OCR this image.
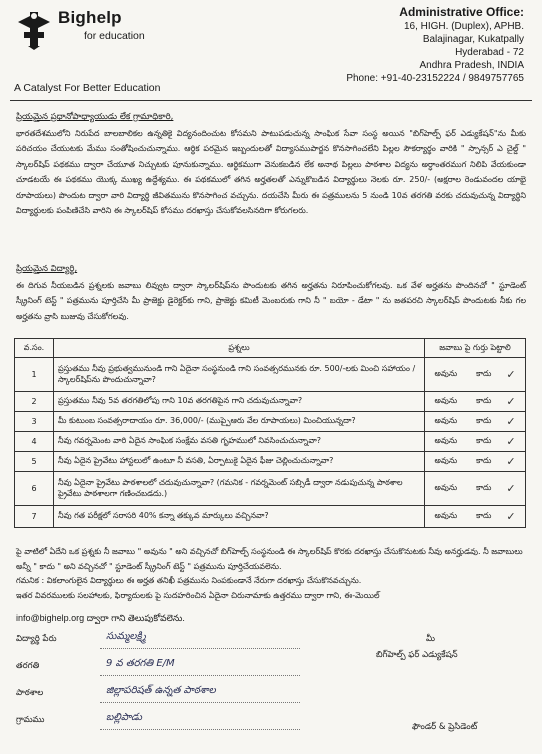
Bighelp
for education
A Catalyst For Better Education
Administrative Office:
16, HIGH. (Duplex), APHB.
Balajinagar, Kukatpally
Hyderabad - 72
Andhra Pradesh, INDIA
Phone: +91-40-23152224 / 9849757765
ప్రియమైన ప్రధానోపాధ్యాయుడు లేక గ్రామాధికారి,
భారతదేశములోని నిరుపేద బాలబాలికల ఉన్నతికై విద్యనందించుట కోసమని పాటుపడుచున్న సాంఘిక సేవా సంస్థ అయిన "బిగ్‌హెల్ప్ ఫర్ ఎడ్యుకేషన్"ను మీకు పరిచయం చేయుటకు మేము సంతోషించుచున్నాము. ఆర్థిక పరమైన ఇబ్బందులతో విద్యాసముపార్జన కొనసాగించలేని పిల్లల సౌకర్యార్థం వారికి " స్పాన్సర్ ఎ చైల్డ్ " స్కాలర్‌షిప్ పథకము ద్వారా చేయూత నిచ్చుటకు పూనుకున్నాము. ఆర్థికముగా వెనుకబడిన లేక అనాథ పిల్లలు పాఠశాల విద్యను అర్ధాంతరముగ నిలిపి వేయకుండా చూడటయే ఈ పథకము యొక్క ముఖ్య ఉద్దేశ్యము. ఈ పథకములో తగిన అర్హతలతో ఎన్నుకొబడిన విద్యార్థులు నెలకు రూ. 250/- (అక్షరాల రెండువందల యాభై రూపాయలు) పొందుట ద్వారా వారి విద్యార్థి జీవితమును కొనసాగించ వచ్చును. దయచేసి మీరు ఈ పత్రములను 5 నుండి 10వ తరగతి వరకు చదువుచున్న విద్యార్థిని విద్యార్థులకు పంపిణిచేసి వారిని ఈ స్కాలర్‌షిప్ కోసము దరఖాస్తు చేసుకోవలసినదిగా కోరుగలరు.
ప్రియమైన విద్యార్థి,
ఈ దిగువ నీయబడిన ప్రశ్నలకు జవాబు లివ్వుట ద్వారా స్కాలర్‌షిప్‌ను పొందుటకు తగిన అర్హతను నిరూపించుకోగలవు. ఒక వేళ అర్హతను పొందినచో " స్టూడెంట్ స్క్రీనింగ్ టెస్ట్ " పత్రమును పూర్తిచేసి మీ ప్రాజెక్టు డైరెక్టర్‌కు గాని, ప్రాజెక్టు కమిటీ మెంబరుకు గాని నీ " బయో - డేటా " ను జతపరచి స్కాలర్‌షిప్ పొందుటకు నీకు గల అర్హతను వ్రాసి బుజువు చేసుకోగలవు.
వ.సం.	ప్రశ్నలు	జవాబు పై గుర్తు పెట్టాలి
1	ప్రస్తుతము నీవు ప్రభుత్వమునుండి గాని ఏదైనా సంస్థనుండి గాని సంవత్సరమునకు రూ. 500/-లకు మించి సహాయం / స్కాలర్‌షిప్‌ను పొందుచున్నావా?	అవును కాదు ✓

2	ప్రస్తుతము నీవు 5వ తరగతిలోపు గాని 10వ తరగతిపైన గాని చదువుచున్నావా?	అవును కాదు ✓

3	మీ కుటుంబ సంవత్సరాదాయం రూ. 36,000/- (ముప్పైఆరు వేల రూపాయలు) మించియున్నదా?	అవును కాదు ✓

4	నీవు గవర్నమెంట వారి ఏదైన సాంఘిక సంక్షేమ వసతి గృహములో నివసించుచున్నావా?	అవును కాదు ✓

5	నీవు ఏదైన ప్రైవేటు హాస్టలులో ఉంటూ నీ వసతి, ఏర్పాటుకై ఏదైన ఫీజు చెల్లించుచున్నావా?	అవును కాదు ✓

6	నీవు ఏదైనా ప్రైవేటు పాఠశాలలో చదువుచున్నావా? (గమనిక - గవర్నమెంట్ సబ్సిడీ ద్వారా నడుపుచున్న పాఠశాల ప్రైవేటు పాఠశాలగా గణించబడదు.)	అవును కాదు ✓

7	నీవు గత పరీక్షలో సరాసరి 40% కన్నా తక్కువ మార్కులు వచ్చినవా?	అవును కాదు ✓
పై వాటిలో ఏదేని ఒక ప్రశ్నకు నీ జవాబు " అవును " అని వచ్చినచో బిగ్‌హెల్ప్ సంస్థనుండి ఈ స్కాలర్‌షిప్ కొరకు దరఖాస్తు చేసుకొనుటకు నీవు అనర్హుడవు. నీ జవాబులు అన్నీ " కాదు " అని వచ్చినచో " స్టూడెంట్ స్క్రీనింగ్ టెస్ట్ " పత్రమును పూర్తిచేయవలెను.
గమనిక : వికలాంగులైన విద్యార్థులు ఈ అర్హత తనిఖీ పత్రమును నింపకుండానే నేరుగా దరఖాస్తు చేసుకొనవచ్చును.
ఇతర వివరములకు సలహాలకు, ఫిర్యాదులకు పై సుదహరించిన ఏదైనా చిరునామాకు ఉత్తరము ద్వారా గాని, ఈ-మెయిల్
info@bighelp.org ద్వారా గాని తెలుపుకోవలెను.
విద్యార్థి పేరు	సుమ్మలక్ష్మి
తరగతి	9 వ తరగతి E/M
పాఠశాల	జిల్లాపరిషత్ ఉన్నత పాఠశాల
గ్రామము	బల్లిపాడు
మీ
బిగ్‌హెల్ప్ ఫర్ ఎడ్యుకేషన్
ఫౌండర్ & ప్రెసిడెంట్
